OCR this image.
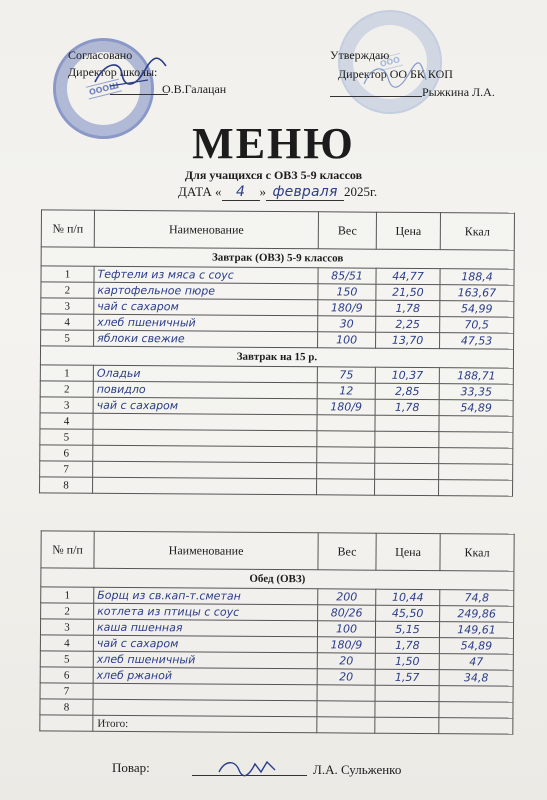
ОООШ
ООО
Согласовано
Директор школы:
О.В.Галацан
Утверждаю
Директор ОО БК КОП
Рыжкина Л.А.
МЕНЮ
Для учащихся с ОВЗ 5-9 классов
ДАТА « 4 » февраля 2025г.
№ п/п	Наименование	Вес	Цена	Ккал
Завтрак (ОВЗ) 5-9 классов				
1	Тефтели из мяса с соус	85/51	44,77	188,4
2	картофельное пюре	150	21,50	163,67
3	чай с сахаром	180/9	1,78	54,99
4	хлеб пшеничный	30	2,25	70,5
5	яблоки свежие	100	13,70	47,53
Завтрак на 15 р.				
1	Оладьи	75	10,37	188,71
2	повидло	12	2,85	33,35
3	чай с сахаром	180/9	1,78	54,89
4				
5				
6				
7				
8				
№ п/п	Наименование	Вес	Цена	Ккал
Обед (ОВЗ)				
1	Борщ из св.кап-т.сметан	200	10,44	74,8
2	котлета из птицы с соус	80/26	45,50	249,86
3	каша пшенная	100	5,15	149,61
4	чай с сахаром	180/9	1,78	54,89
5	хлеб пшеничный	20	1,50	47
6	хлеб ржаной	20	1,57	34,8
7				
8				
	Итого:			
Повар:	Л.А. Сульженко
